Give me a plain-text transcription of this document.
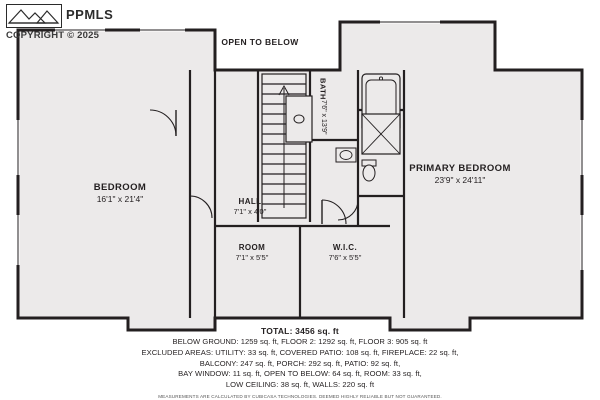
PPMLS
COPYRIGHT © 2025
OPEN TO BELOW
BEDROOM
16'1" x 21'4"
PRIMARY BEDROOM
23'9" x 24'11"
BATH
7'6" x 13'9"
HALL
7'1" x 4'0"
ROOM
7'1" x 5'5"
W.I.C.
7'6" x 5'5"
TOTAL: 3456 sq. ft
BELOW GROUND: 1259 sq. ft, FLOOR 2: 1292 sq. ft, FLOOR 3: 905 sq. ft
EXCLUDED AREAS: UTILITY: 33 sq. ft, COVERED PATIO: 108 sq. ft, FIREPLACE: 22 sq. ft,
BALCONY: 247 sq. ft, PORCH: 292 sq. ft, PATIO: 92 sq. ft,
BAY WINDOW: 11 sq. ft, OPEN TO BELOW: 64 sq. ft, ROOM: 33 sq. ft,
LOW CEILING: 38 sq. ft, WALLS: 220 sq. ft
MEASUREMENTS ARE CALCULATED BY CUBICASA TECHNOLOGIES. DEEMED HIGHLY RELIABLE BUT NOT GUARANTEED.
